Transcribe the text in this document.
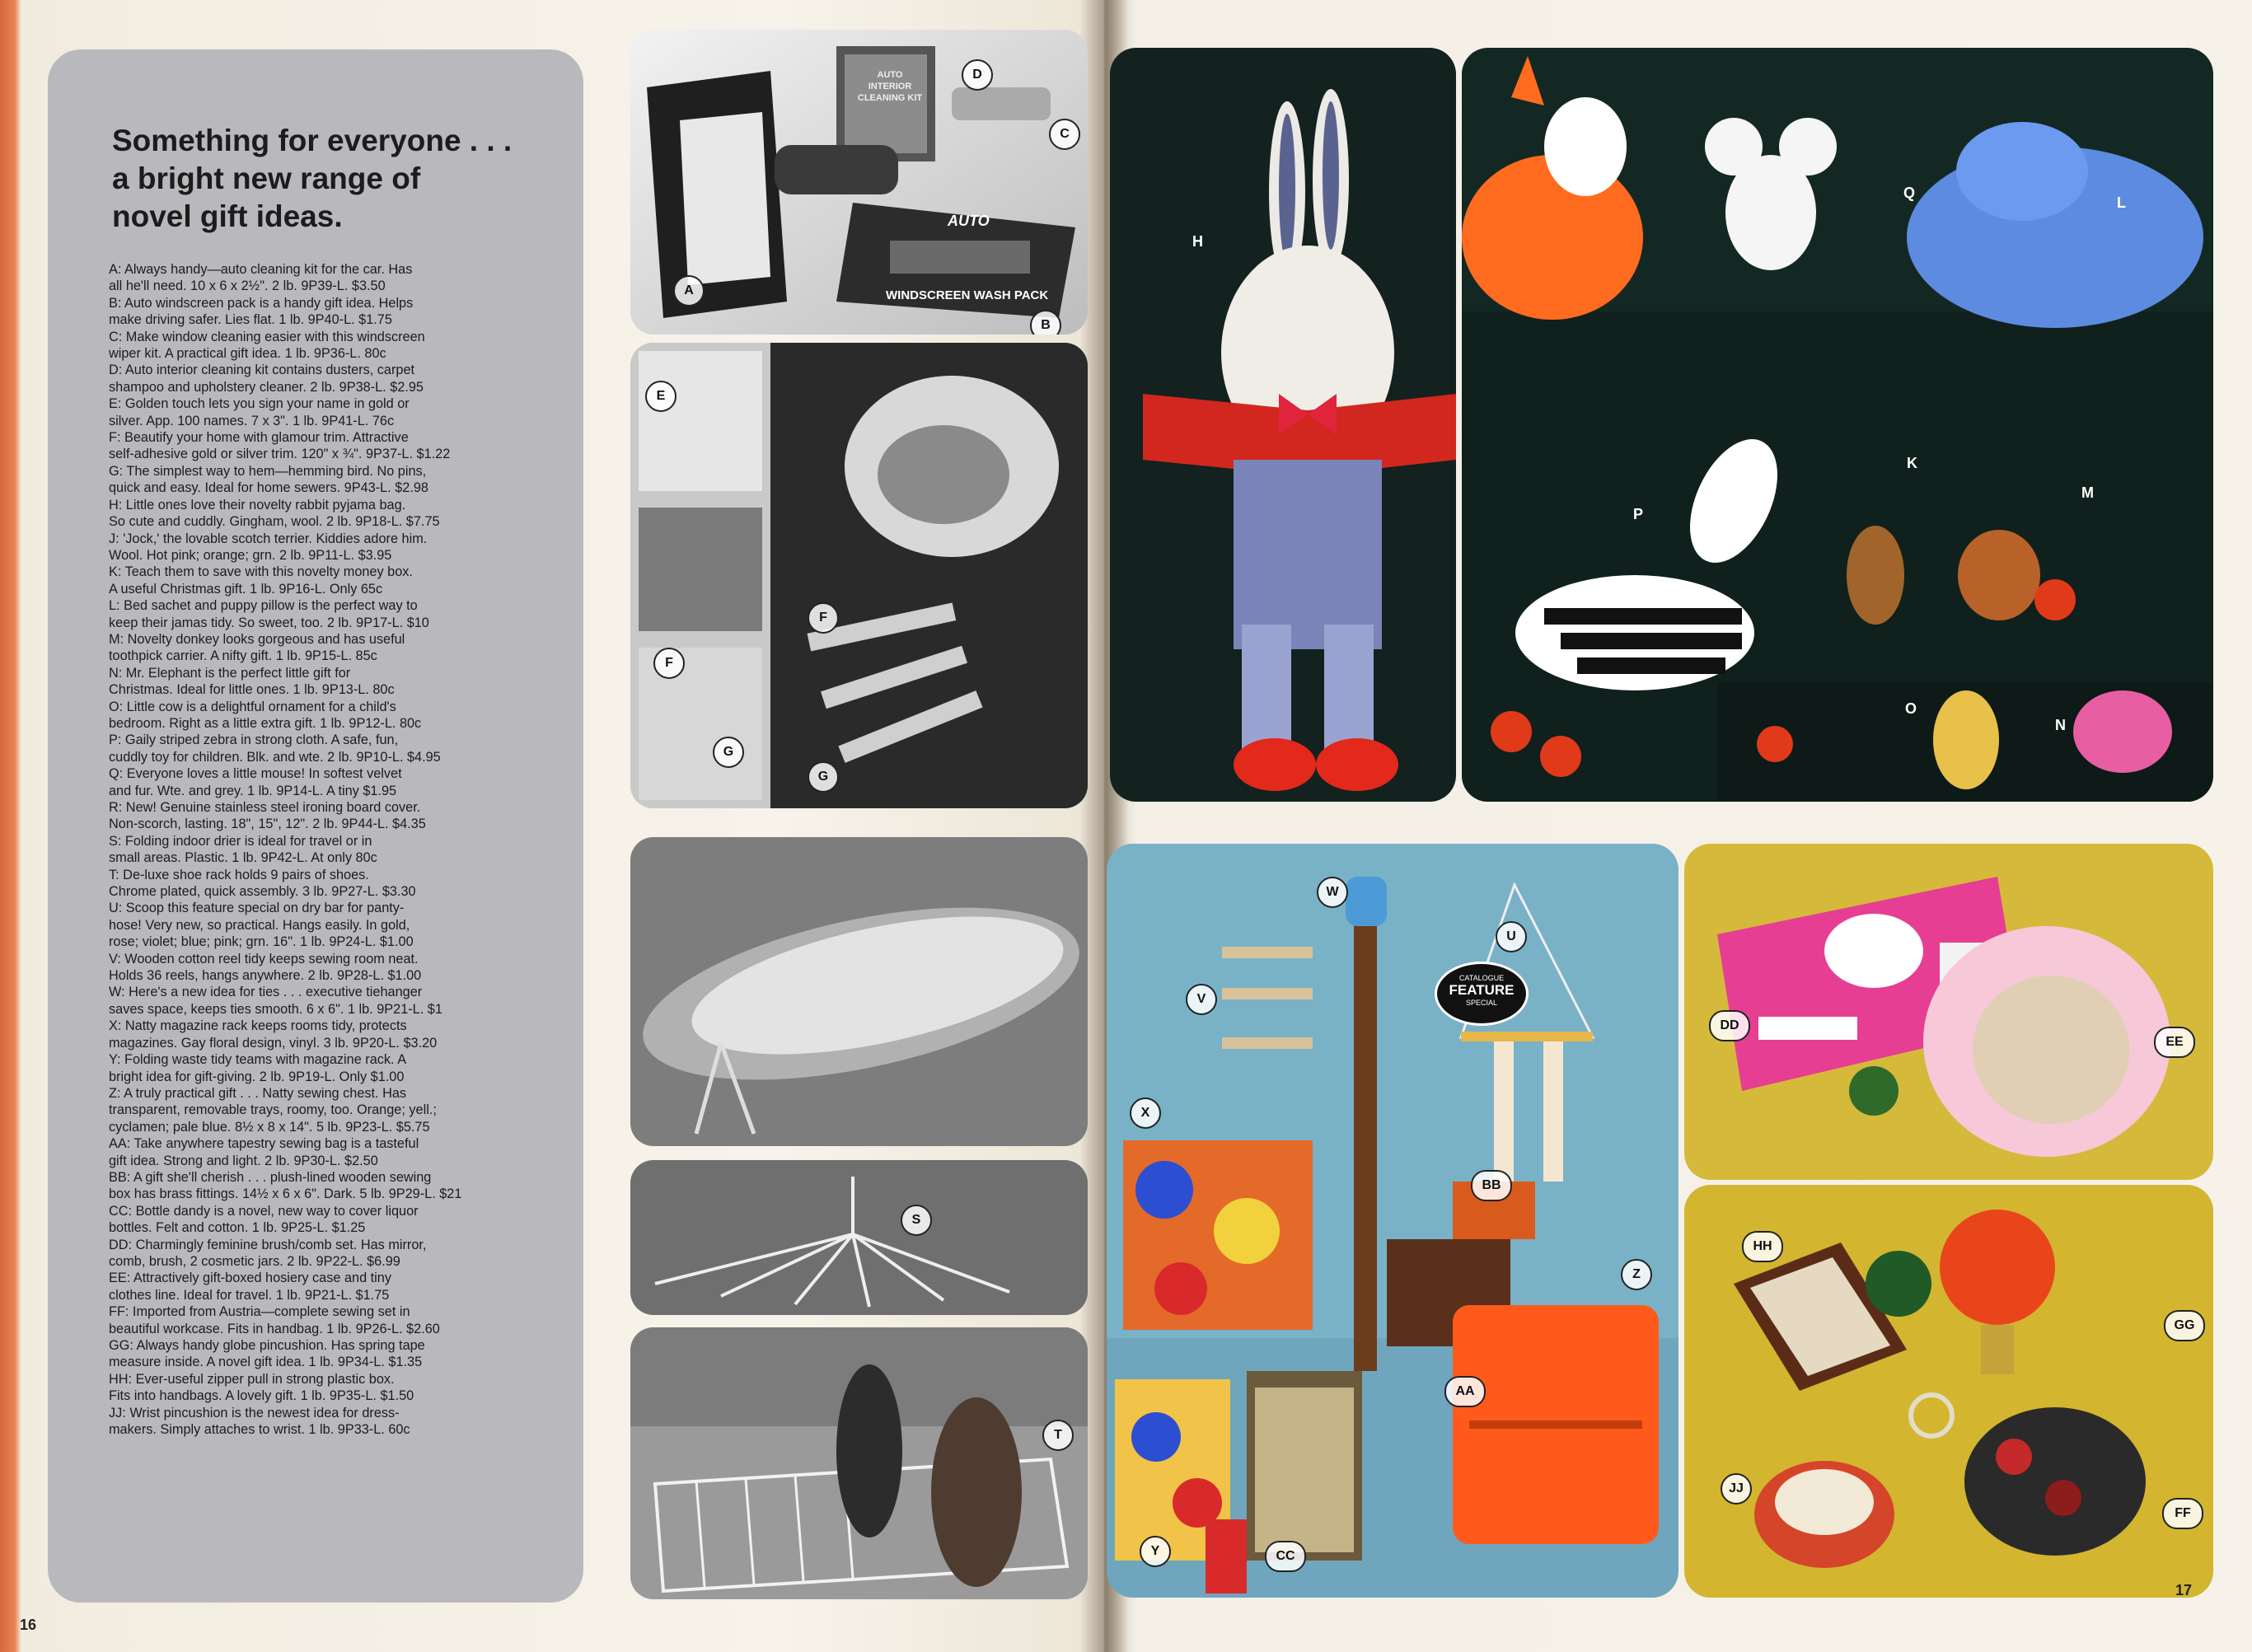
Something for everyone . . .
a bright new range of
novel gift ideas.
A: Always handy—auto cleaning kit for the car. Has
all he'll need. 10 x 6 x 2½". 2 lb. 9P39-L. $3.50
B: Auto windscreen pack is a handy gift idea. Helps
make driving safer. Lies flat. 1 lb. 9P40-L. $1.75
C: Make window cleaning easier with this windscreen
wiper kit. A practical gift idea. 1 lb. 9P36-L. 80c
D: Auto interior cleaning kit contains dusters, carpet
shampoo and upholstery cleaner. 2 lb. 9P38-L. $2.95
E: Golden touch lets you sign your name in gold or
silver. App. 100 names. 7 x 3". 1 lb. 9P41-L. 76c
F: Beautify your home with glamour trim. Attractive
self-adhesive gold or silver trim. 120" x ¾". 9P37-L. $1.22
G: The simplest way to hem—hemming bird. No pins,
quick and easy. Ideal for home sewers. 9P43-L. $2.98
H: Little ones love their novelty rabbit pyjama bag.
So cute and cuddly. Gingham, wool. 2 lb. 9P18-L. $7.75
J: 'Jock,' the lovable scotch terrier. Kiddies adore him.
Wool. Hot pink; orange; grn. 2 lb. 9P11-L. $3.95
K: Teach them to save with this novelty money box.
A useful Christmas gift. 1 lb. 9P16-L. Only 65c
L: Bed sachet and puppy pillow is the perfect way to
keep their jamas tidy. So sweet, too. 2 lb. 9P17-L. $10
M: Novelty donkey looks gorgeous and has useful
toothpick carrier. A nifty gift. 1 lb. 9P15-L. 85c
N: Mr. Elephant is the perfect little gift for
Christmas. Ideal for little ones. 1 lb. 9P13-L. 80c
O: Little cow is a delightful ornament for a child's
bedroom. Right as a little extra gift. 1 lb. 9P12-L. 80c
P: Gaily striped zebra in strong cloth. A safe, fun,
cuddly toy for children. Blk. and wte. 2 lb. 9P10-L. $4.95
Q: Everyone loves a little mouse! In softest velvet
and fur. Wte. and grey. 1 lb. 9P14-L. A tiny $1.95
R: New! Genuine stainless steel ironing board cover.
Non-scorch, lasting. 18", 15", 12". 2 lb. 9P44-L. $4.35
S: Folding indoor drier is ideal for travel or in
small areas. Plastic. 1 lb. 9P42-L. At only 80c
T: De-luxe shoe rack holds 9 pairs of shoes.
Chrome plated, quick assembly. 3 lb. 9P27-L. $3.30
U: Scoop this feature special on dry bar for panty-
hose! Very new, so practical. Hangs easily. In gold,
rose; violet; blue; pink; grn. 16". 1 lb. 9P24-L. $1.00
V: Wooden cotton reel tidy keeps sewing room neat.
Holds 36 reels, hangs anywhere. 2 lb. 9P28-L. $1.00
W: Here's a new idea for ties . . . executive tiehanger
saves space, keeps ties smooth. 6 x 6". 1 lb. 9P21-L. $1
X: Natty magazine rack keeps rooms tidy, protects
magazines. Gay floral design, vinyl. 3 lb. 9P20-L. $3.20
Y: Folding waste tidy teams with magazine rack. A
bright idea for gift-giving. 2 lb. 9P19-L. Only $1.00
Z: A truly practical gift . . . Natty sewing chest. Has
transparent, removable trays, roomy, too. Orange; yell.;
cyclamen; pale blue. 8½ x 8 x 14". 5 lb. 9P23-L. $5.75
AA: Take anywhere tapestry sewing bag is a tasteful
gift idea. Strong and light. 2 lb. 9P30-L. $2.50
BB: A gift she'll cherish . . . plush-lined wooden sewing
box has brass fittings. 14½ x 6 x 6". Dark. 5 lb. 9P29-L. $21
CC: Bottle dandy is a novel, new way to cover liquor
bottles. Felt and cotton. 1 lb. 9P25-L. $1.25
DD: Charmingly feminine brush/comb set. Has mirror,
comb, brush, 2 cosmetic jars. 2 lb. 9P22-L. $6.99
EE: Attractively gift-boxed hosiery case and tiny
clothes line. Ideal for travel. 1 lb. 9P21-L. $1.75
FF: Imported from Austria—complete sewing set in
beautiful workcase. Fits in handbag. 1 lb. 9P26-L. $2.60
GG: Always handy globe pincushion. Has spring tape
measure inside. A novel gift idea. 1 lb. 9P34-L. $1.35
HH: Ever-useful zipper pull in strong plastic box.
Fits into handbags. A lovely gift. 1 lb. 9P35-L. $1.50
JJ: Wrist pincushion is the newest idea for dress-
makers. Simply attaches to wrist. 1 lb. 9P33-L. 60c
16
AUTO INTERIOR CLEANING KIT
AUTO
WINDSCREEN WASH PACK
D
C
A
B
E
F
F
G
G
S
T
H
J	Q
L
P
K
M
O
N
W
U
V
X
BB
Z
AA
Y	CC
CATALOGUE
FEATURE
SPECIAL
DD
EE
HH
GG
JJ
FF
17
